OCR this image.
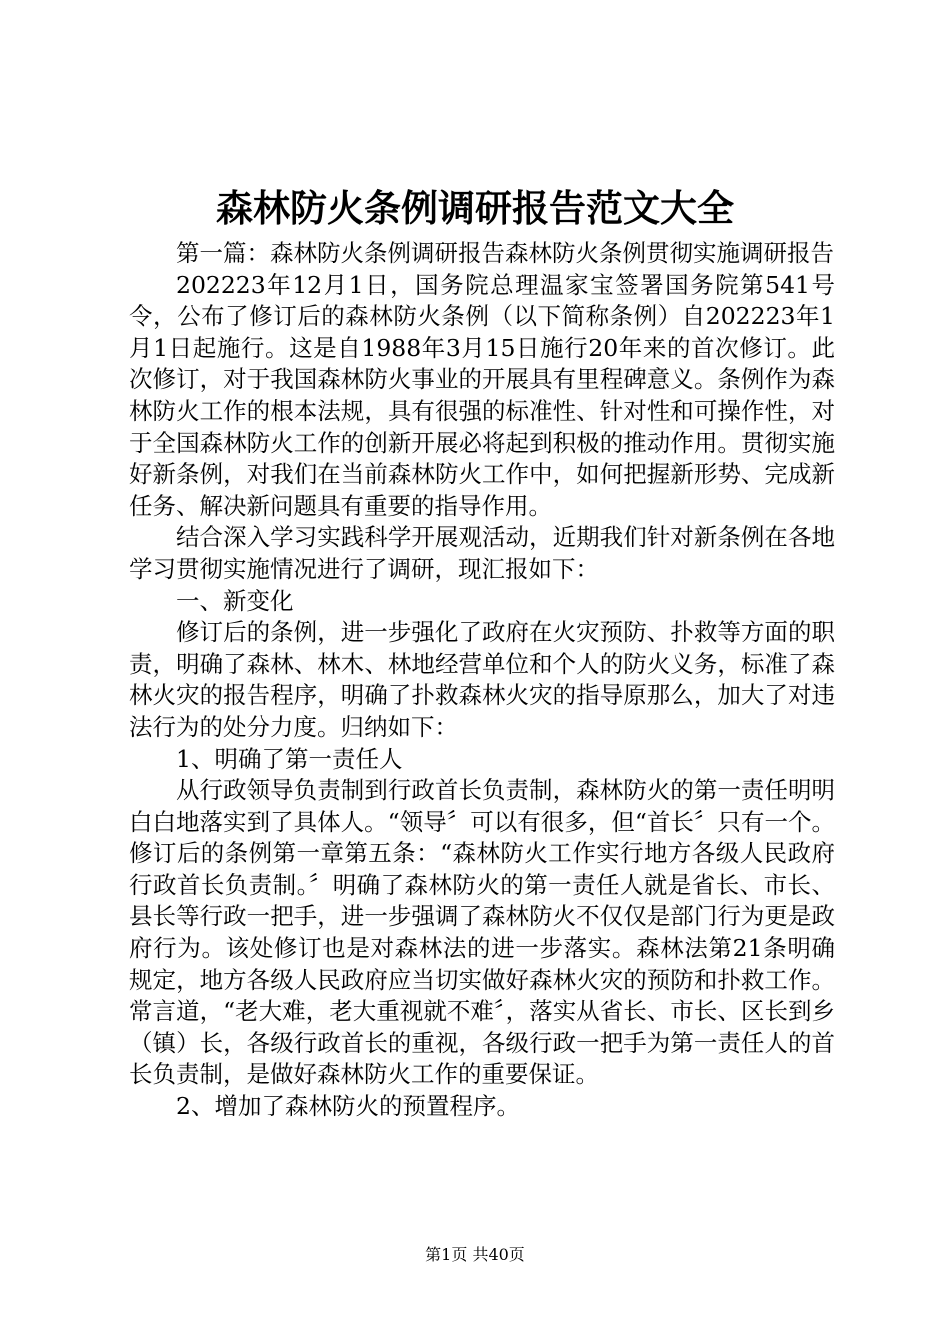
森林防火条例调研报告范文大全

第一篇：森林防火条例调研报告森林防火条例贯彻实施调研报告

202223年12月1日，国务院总理温家宝签署国务院第541号令，公布了修订后的森林防火条例（以下简称条例）自202223年1月1日起施行。这是自1988年3月15日施行20年来的首次修订。此次修订，对于我国森林防火事业的开展具有里程碑意义。条例作为森林防火工作的根本法规，具有很强的标准性、针对性和可操作性，对于全国森林防火工作的创新开展必将起到积极的推动作用。贯彻实施好新条例，对我们在当前森林防火工作中，如何把握新形势、完成新任务、解决新问题具有重要的指导作用。

结合深入学习实践科学开展观活动，近期我们针对新条例在各地学习贯彻实施情况进行了调研，现汇报如下：

一、新变化

修订后的条例，进一步强化了政府在火灾预防、扑救等方面的职责，明确了森林、林木、林地经营单位和个人的防火义务，标准了森林火灾的报告程序，明确了扑救森林火灾的指导原那么，加大了对违法行为的处分力度。归纳如下：

1、明确了第一责任人

从行政领导负责制到行政首长负责制，森林防火的第一责任明明白白地落实到了具体人。“领导〞可以有很多，但“首长〞只有一个。修订后的条例第一章第五条：“森林防火工作实行地方各级人民政府行政首长负责制。〞明确了森林防火的第一责任人就是省长、市长、县长等行政一把手，进一步强调了森林防火不仅仅是部门行为更是政府行为。该处修订也是对森林法的进一步落实。森林法第21条明确规定，地方各级人民政府应当切实做好森林火灾的预防和扑救工作。常言道，“老大难，老大重视就不难〞，落实从省长、市长、区长到乡（镇）长，各级行政首长的重视，各级行政一把手为第一责任人的首长负责制，是做好森林防火工作的重要保证。

2、增加了森林防火的预置程序。

第1页 共40页
